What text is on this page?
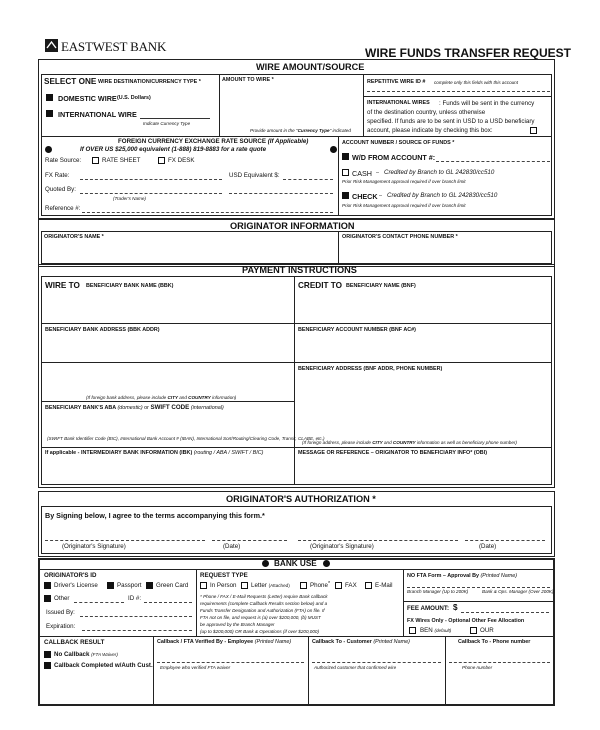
EASTWEST BANK	WIRE FUNDS TRANSFER REQUEST
WIRE AMOUNT/SOURCE
SELECT ONE WIRE DESTINATION/CURRENCY TYPE *
DOMESTIC WIRE (U.S. Dollars)
INTERNATIONAL WIRE
Indicate Currency Type
AMOUNT TO WIRE *
Provide amount in the "Currency Type" indicated
REPETITIVE WIRE ID # complete only this fields with this account
INTERNATIONAL WIRES : Funds will be sent in the currency
of the destination country, unless otherwise
specified. If funds are to be sent in USD to a USD beneficiary
account, please indicate by checking this box:
FOREIGN CURRENCY EXCHANGE RATE SOURCE (If Applicable)
If OVER US $25,000 equivalent (1-888) 819-8883 for a rate quote
Rate Source:	RATE SHEET	FX DESK
FX Rate:	USD Equivalent $:
Quoted By:
(Trader's Name)
Reference #:
ACCOUNT NUMBER / SOURCE OF FUNDS *
W/D FROM ACCOUNT #:
CASH – Credited by Branch to GL 242830/cc510
Prior Risk Management approval required if over branch limit
CHECK – Credited by Branch to GL 242830/cc510
Prior Risk Management approval required if over branch limit
ORIGINATOR INFORMATION
ORIGINATOR'S NAME *	ORIGINATOR'S CONTACT PHONE NUMBER *
PAYMENT INSTRUCTIONS
WIRE TO BENEFICIARY BANK NAME (BBK)	CREDIT TO BENEFICIARY NAME (BNF)
BENEFICIARY BANK ADDRESS (BBK ADDR)
(If foreign bank address, please include CITY and COUNTRY information)
BENEFICIARY ACCOUNT NUMBER (BNF AC#)
BENEFICIARY ADDRESS (BNF ADDR, PHONE NUMBER)
(If foreign address, please include CITY and COUNTRY information as well as beneficiary phone number)
BENEFICIARY BANK'S ABA (domestic) or SWIFT CODE (international)
(SWIFT Bank Identifier Code (BIC), International Bank Account # (IBAN), International Sort/Routing/Clearing Code, Transit, CLABE, etc.)
If applicable - INTERMEDIARY BANK INFORMATION (IBK) (routing / ABA / SWIFT / BIC)	MESSAGE OR REFERENCE – ORIGINATOR TO BENEFICIARY INFO* (OBI)
ORIGINATOR'S AUTHORIZATION *
By Signing below, I agree to the terms accompanying this form.*
(Originator's Signature)	(Date)	(Originator's Signature)	(Date)
BANK USE
ORIGINATOR'S ID
Driver's License	Passport Green Card
Other	ID #:
Issued By:
Expiration:
REQUEST TYPE
In Person Letter (Attached)	Phone * FAX	E-Mail
* Phone / FAX / E-Mail Requests (Letter) require Bank callback
requirements (complete Callback Results section below) and a
Funds Transfer Designation and Authorization (FTA) on file. If
FTA not on file, and request is (a) over $200,000, (b) MUST
be approved by the Branch Manager
(up to $200,000) OR Bank & Operations (if over $200,000)
NO FTA Form – Approval By (Printed Name)
Branch Manager (Up to 200K)	Bank & Ops. Manager (Over 200K)
FEE AMOUNT: $
FX Wires Only - Optional Other Fee Allocation
BEN (default)	OUR
CALLBACK RESULT
No Callback (FTA Waiver)
Callback Completed w/Auth Cust.
Callback / FTA Verified By - Employee (Printed Name)
Employee who verified FTA waiver
Callback To - Customer (Printed Name)
Authorized customer that confirmed wire
Callback To - Phone number
Phone number
